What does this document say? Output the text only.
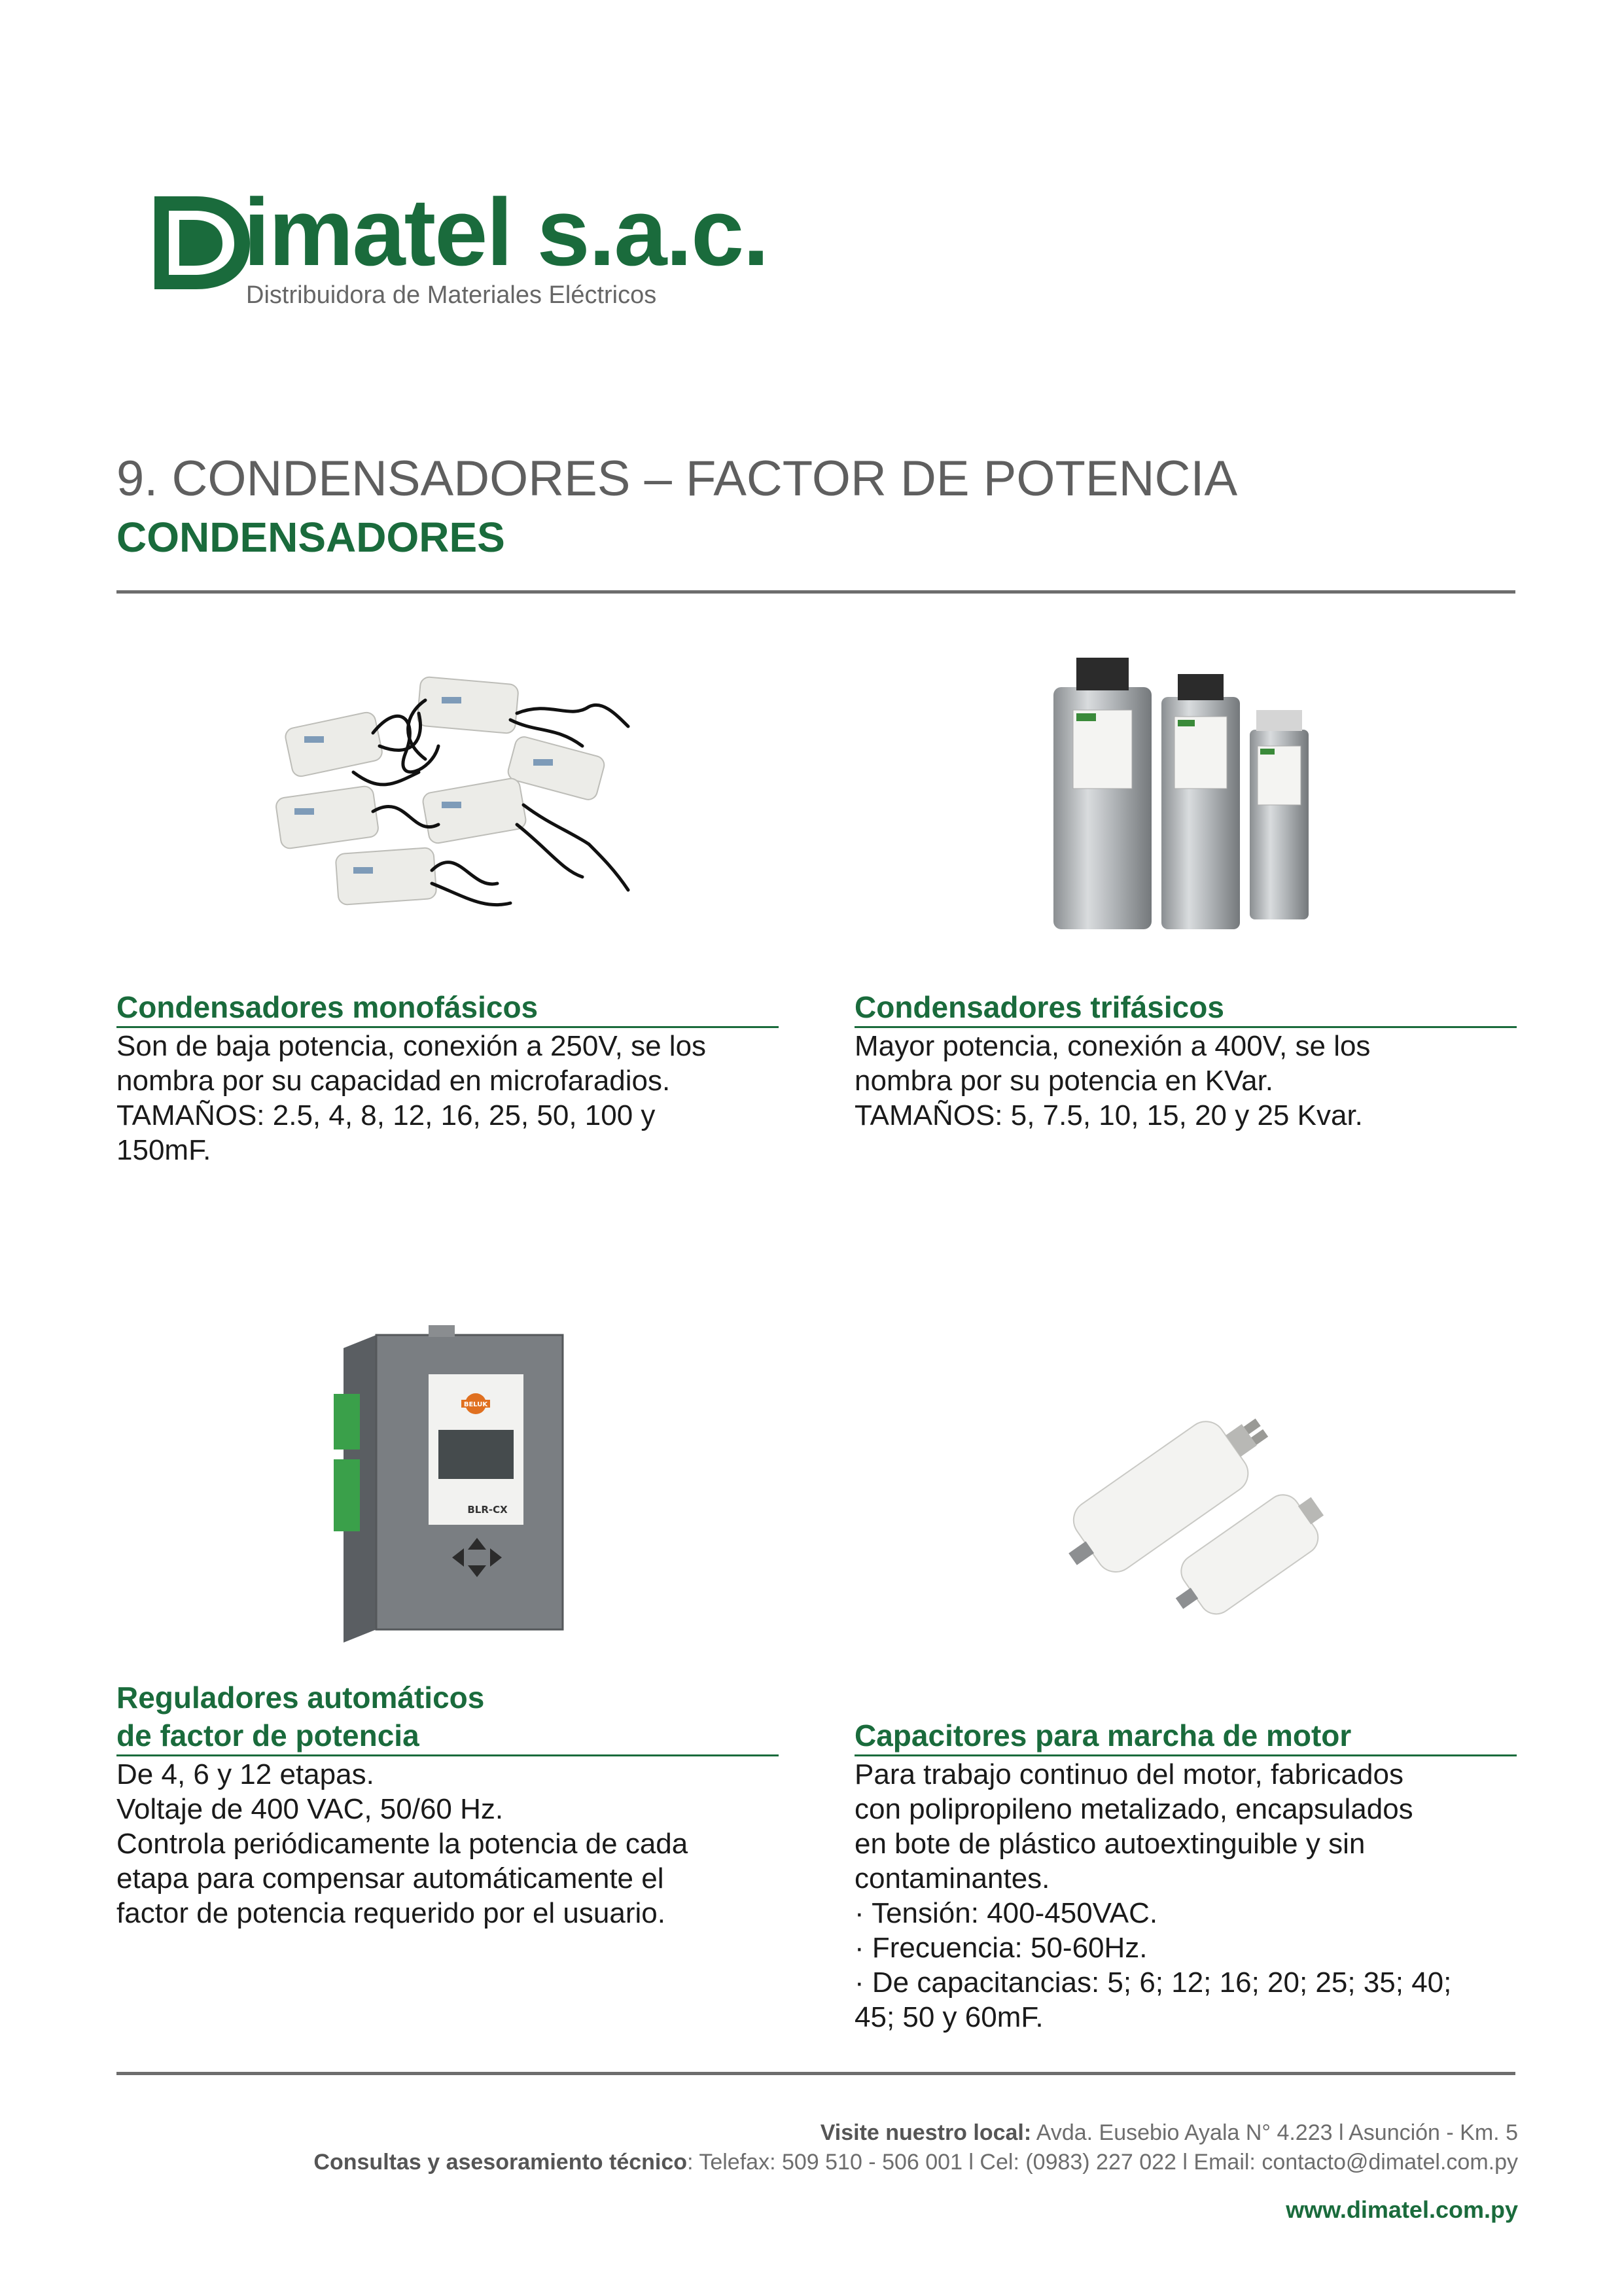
imatel s.a.c.
Distribuidora de Materiales Eléctricos
9. CONDENSADORES – FACTOR DE POTENCIA
CONDENSADORES
Condensadores monofásicos
Son de baja potencia, conexión a 250V, se los
nombra por su capacidad en microfaradios.
TAMAÑOS: 2.5, 4, 8, 12, 16, 25, 50, 100 y
150mF.
Condensadores trifásicos
Mayor potencia, conexión a 400V, se los
nombra por su potencia en KVar.
TAMAÑOS: 5, 7.5, 10, 15, 20 y 25 Kvar.
BELUK
BLR-CX
Reguladores automáticos
de factor de potencia
De 4, 6 y 12 etapas.
Voltaje de 400 VAC, 50/60 Hz.
Controla periódicamente la potencia de cada
etapa para compensar automáticamente el
factor de potencia requerido por el usuario.
Capacitores para marcha de motor
Para trabajo continuo del motor, fabricados
con polipropileno metalizado, encapsulados
en bote de plástico autoextinguible y sin
contaminantes.
· Tensión: 400-450VAC.
· Frecuencia: 50-60Hz.
· De capacitancias: 5; 6; 12; 16; 20; 25; 35; 40;
45; 50 y 60mF.
Visite nuestro local: Avda. Eusebio Ayala N° 4.223 l Asunción - Km. 5
Consultas y asesoramiento técnico: Telefax: 509 510 - 506 001 l Cel: (0983) 227 022 l Email: contacto@dimatel.com.py
www.dimatel.com.py
